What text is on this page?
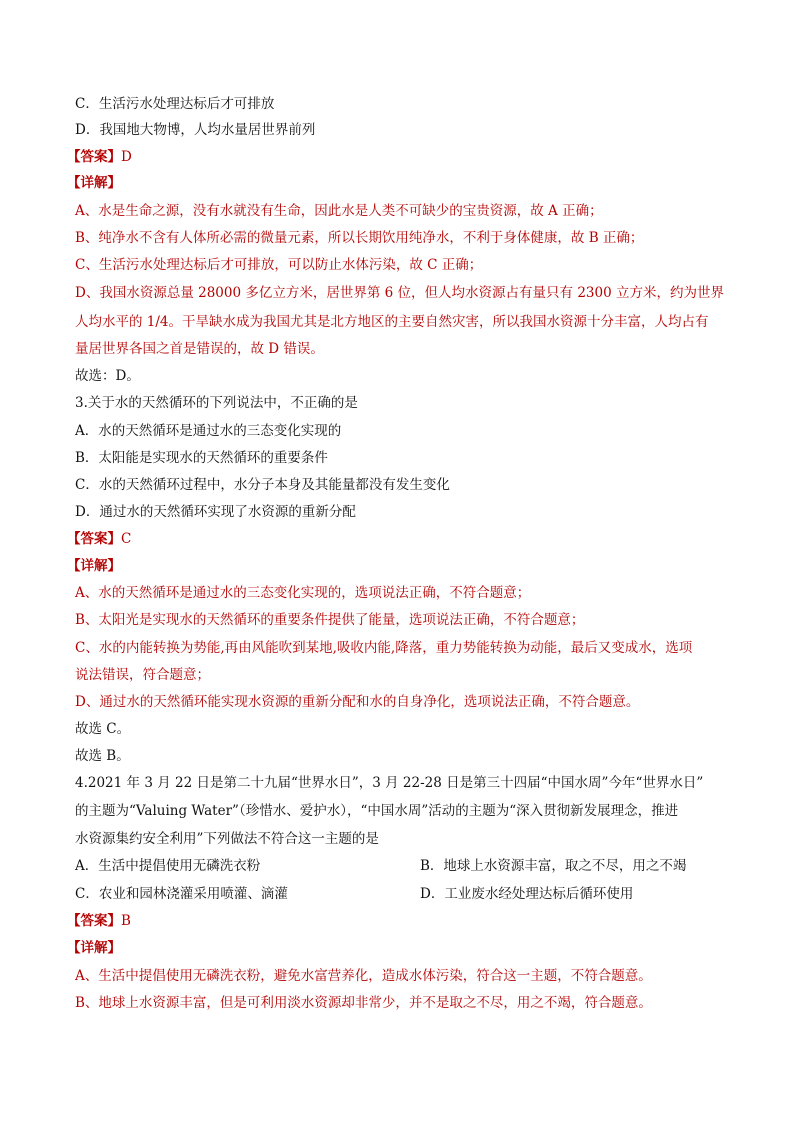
C．生活污水处理达标后才可排放
D．我国地大物博，人均水量居世界前列
【答案】D
【详解】
A、水是生命之源，没有水就没有生命，因此水是人类不可缺少的宝贵资源，故 A 正确；
B、纯净水不含有人体所必需的微量元素，所以长期饮用纯净水，不利于身体健康，故 B 正确；
C、生活污水处理达标后才可排放，可以防止水体污染，故 C 正确；
D、我国水资源总量 28000 多亿立方米，居世界第 6 位，但人均水资源占有量只有 2300 立方米，约为世界
人均水平的 1/4。干旱缺水成为我国尤其是北方地区的主要自然灾害，所以我国水资源十分丰富，人均占有
量居世界各国之首是错误的，故 D 错误。
故选：D。
3.关于水的天然循环的下列说法中，不正确的是
A．水的天然循环是通过水的三态变化实现的
B．太阳能是实现水的天然循环的重要条件
C．水的天然循环过程中，水分子本身及其能量都没有发生变化
D．通过水的天然循环实现了水资源的重新分配
【答案】C
【详解】
A、水的天然循环是通过水的三态变化实现的，选项说法正确，不符合题意；
B、太阳光是实现水的天然循环的重要条件提供了能量，选项说法正确，不符合题意；
C、水的内能转换为势能,再由风能吹到某地,吸收内能,降落，重力势能转换为动能，最后又变成水，选项
说法错误，符合题意；
D、通过水的天然循环能实现水资源的重新分配和水的自身净化，选项说法正确，不符合题意。
故选 C。
故选 B。
4.2021 年 3 月 22 日是第二十九届“世界水日”，3 月 22-28 日是第三十四届“中国水周”今年“世界水日”
的主题为“Valuing Water”（珍惜水、爱护水），“中国水周”活动的主题为“深入贯彻新发展理念，推进
水资源集约安全利用”下列做法不符合这一主题的是
A．生活中提倡使用无磷洗衣粉	B．地球上水资源丰富，取之不尽，用之不竭
C．农业和园林浇灌采用喷灌、滴灌	D．工业废水经处理达标后循环使用
【答案】B
【详解】
A、生活中提倡使用无磷洗衣粉，避免水富营养化，造成水体污染，符合这一主题，不符合题意。
B、地球上水资源丰富，但是可利用淡水资源却非常少，并不是取之不尽，用之不竭，符合题意。
